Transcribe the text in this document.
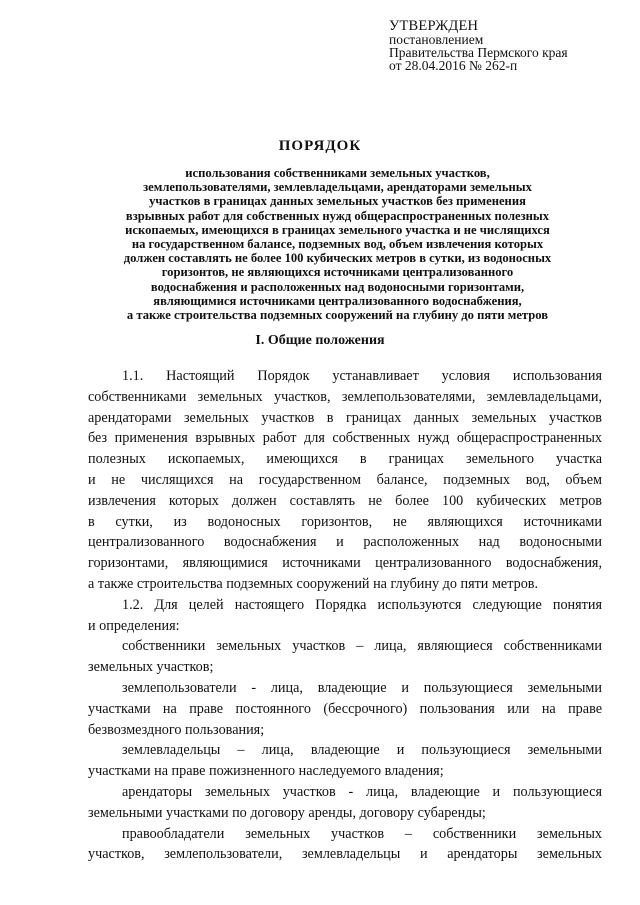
УТВЕРЖДЕН
постановлением
Правительства Пермского края
от 28.04.2016 № 262-п
ПОРЯДОК
использования собственниками земельных участков,
землепользователями, землевладельцами, арендаторами земельных
участков в границах данных земельных участков без применения
взрывных работ для собственных нужд общераспространенных полезных
ископаемых, имеющихся в границах земельного участка и не числящихся
на государственном балансе, подземных вод, объем извлечения которых
должен составлять не более 100 кубических метров в сутки, из водоносных
горизонтов, не являющихся источниками централизованного
водоснабжения и расположенных над водоносными горизонтами,
являющимися источниками централизованного водоснабжения,
а также строительства подземных сооружений на глубину до пяти метров
I. Общие положения
1.1. Настоящий Порядок устанавливает условия использования
собственниками земельных участков, землепользователями, землевладельцами,
арендаторами земельных участков в границах данных земельных участков
без применения взрывных работ для собственных нужд общераспространенных
полезных ископаемых, имеющихся в границах земельного участка
и не числящихся на государственном балансе, подземных вод, объем
извлечения которых должен составлять не более 100 кубических метров
в сутки, из водоносных горизонтов, не являющихся источниками
централизованного водоснабжения и расположенных над водоносными
горизонтами, являющимися источниками централизованного водоснабжения,
а также строительства подземных сооружений на глубину до пяти метров.
1.2. Для целей настоящего Порядка используются следующие понятия
и определения:
собственники земельных участков – лица, являющиеся собственниками
земельных участков;
землепользователи - лица, владеющие и пользующиеся земельными
участками на праве постоянного (бессрочного) пользования или на праве
безвозмездного пользования;
землевладельцы – лица, владеющие и пользующиеся земельными
участками на праве пожизненного наследуемого владения;
арендаторы земельных участков - лица, владеющие и пользующиеся
земельными участками по договору аренды, договору субаренды;
правообладатели земельных участков – собственники земельных
участков, землепользователи, землевладельцы и арендаторы земельных
